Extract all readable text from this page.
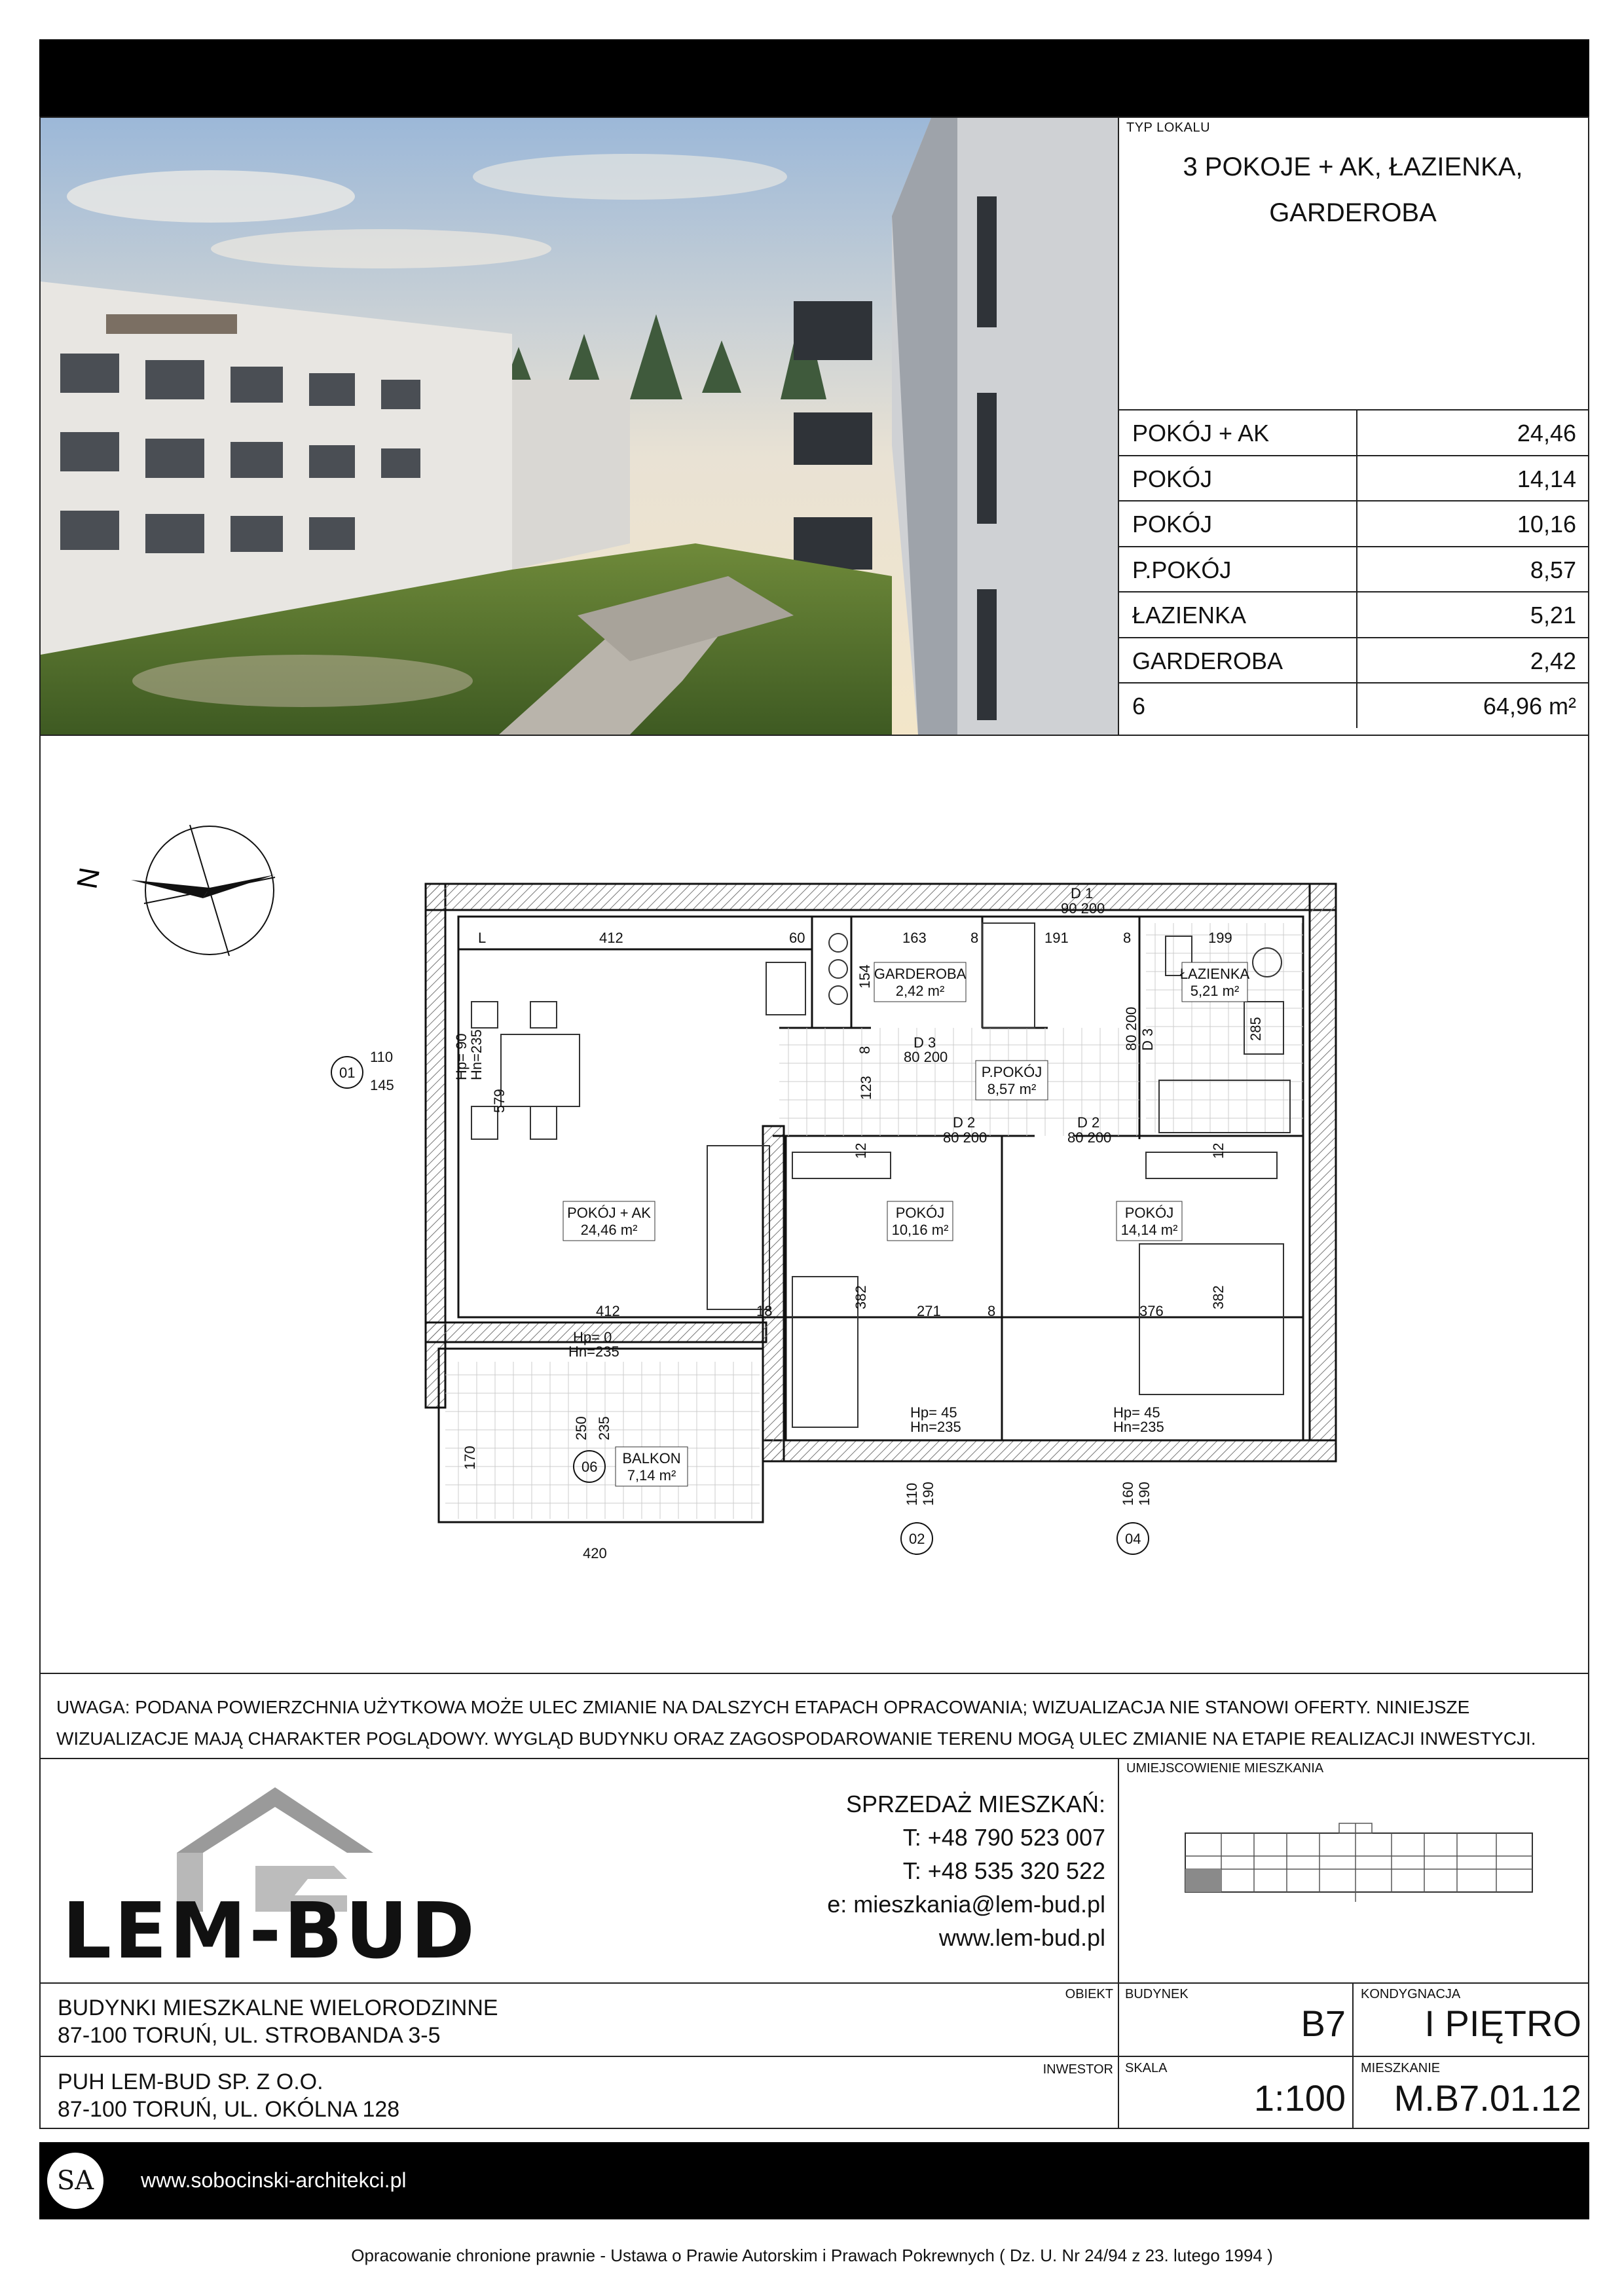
TYP LOKALU
3 POKOJE + AK, ŁAZIENKA,
GARDEROBA
POKÓJ + AK	24,46
POKÓJ	14,14
POKÓJ	10,16
P.POKÓJ	8,57
ŁAZIENKA	5,21
GARDEROBA	2,42
6	64,96 m²
N
01
02	04
06
110
145
Hp= 90
Hn=235
110 190
Hp= 45
Hn=235
160 190
Hp= 45
Hn=235
Hp= 0
Hn=235
412	60	163	8	191	8	199
579
123
285
412	18	271	8	376
382	382
12	12
154
8
420
170
250 235
D 1
90 200
D 3
80 200
D 3
80 200
D 2
80 200
D 2
80 200
L
POKÓJ + AK
24,46 m²
POKÓJ
10,16 m²
POKÓJ
14,14 m²
P.POKÓJ
8,57 m²
GARDEROBA
2,42 m²
ŁAZIENKA
5,21 m²
BALKON
7,14 m²
UWAGA: PODANA POWIERZCHNIA UŻYTKOWA MOŻE ULEC ZMIANIE NA DALSZYCH ETAPACH OPRACOWANIA; WIZUALIZACJA NIE STANOWI OFERTY. NINIEJSZE
WIZUALIZACJE MAJĄ CHARAKTER POGLĄDOWY. WYGLĄD BUDYNKU ORAZ ZAGOSPODAROWANIE TERENU MOGĄ ULEC ZMIANIE NA ETAPIE REALIZACJI INWESTYCJI.
LEM-BUD
SPRZEDAŻ MIESZKAŃ:
T: +48 790 523 007
T: +48 535 320 522
e: mieszkania@lem-bud.pl
www.lem-bud.pl
UMIEJSCOWIENIE MIESZKANIA
BUDYNKI MIESZKALNE WIELORODZINNE
87-100 TORUŃ, UL. STROBANDA 3-5
OBIEKT
PUH LEM-BUD SP. Z O.O.
87-100 TORUŃ, UL. OKÓLNA 128
INWESTOR
BUDYNEK
B7
KONDYGNACJA
I PIĘTRO
SKALA
1:100
MIESZKANIE
M.B7.01.12
SA	www.sobocinski-architekci.pl
Opracowanie chronione prawnie - Ustawa o Prawie Autorskim i Prawach Pokrewnych ( Dz. U. Nr 24/94 z 23. lutego 1994 )
